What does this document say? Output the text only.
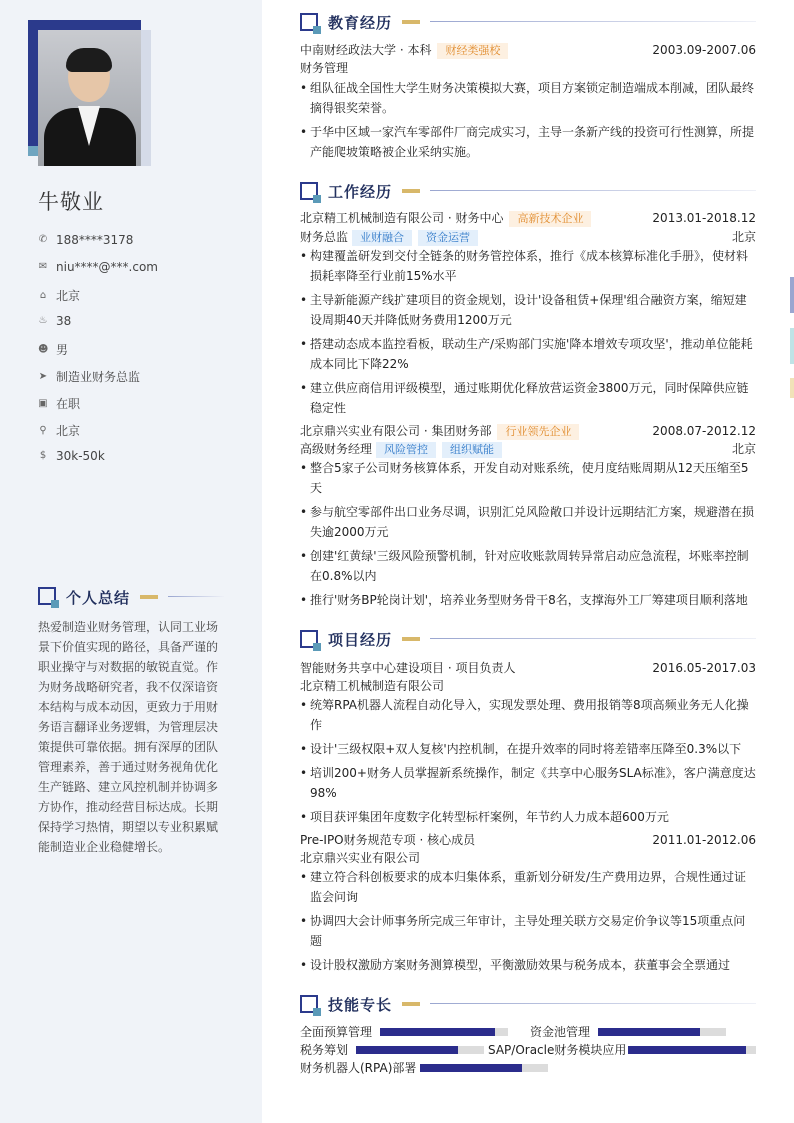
牛敬业
✆ 188****3178
✉ niu****@***.com
⌂ 北京
♨ 38
☻ 男
➤ 制造业财务总监
▣ 在职
⚲ 北京
$ 30k-50k
个人总结
热爱制造业财务管理，认同工业场景下价值实现的路径，具备严谨的职业操守与对数据的敏锐直觉。作为财务战略研究者，我不仅深谙资本结构与成本动因，更致力于用财务语言翻译业务逻辑，为管理层决策提供可靠依据。拥有深厚的团队管理素养，善于通过财务视角优化生产链路、建立风控机制并协调多方协作，推动经营目标达成。长期保持学习热情，期望以专业积累赋能制造业企业稳健增长。
教育经历
中南财经政法大学 · 本科 财经类强校	2003.09-2007.06
财务管理
• 组队征战全国性大学生财务决策模拟大赛，项目方案锁定制造端成本削减，团队最终摘得银奖荣誉。
• 于华中区域一家汽车零部件厂商完成实习，主导一条新产线的投资可行性测算，所提产能爬坡策略被企业采纳实施。
工作经历
北京精工机械制造有限公司 · 财务中心 高新技术企业	2013.01-2018.12
财务总监 业财融合 资金运营	北京
• 构建覆盖研发到交付全链条的财务管控体系，推行《成本核算标准化手册》，使材料损耗率降至行业前15%水平
• 主导新能源产线扩建项目的资金规划，设计'设备租赁+保理'组合融资方案，缩短建设周期40天并降低财务费用1200万元
• 搭建动态成本监控看板，联动生产/采购部门实施'降本增效专项攻坚'，推动单位能耗成本同比下降22%
• 建立供应商信用评级模型，通过账期优化释放营运资金3800万元，同时保障供应链稳定性
北京鼎兴实业有限公司 · 集团财务部 行业领先企业	2008.07-2012.12
高级财务经理 风险管控 组织赋能	北京
• 整合5家子公司财务核算体系，开发自动对账系统，使月度结账周期从12天压缩至5天
• 参与航空零部件出口业务尽调，识别汇兑风险敞口并设计远期结汇方案，规避潜在损失逾2000万元
• 创建'红黄绿'三级风险预警机制，针对应收账款周转异常启动应急流程，坏账率控制在0.8%以内
• 推行'财务BP轮岗计划'，培养业务型财务骨干8名，支撑海外工厂筹建项目顺利落地
项目经历
智能财务共享中心建设项目 · 项目负责人	2016.05-2017.03
北京精工机械制造有限公司
• 统筹RPA机器人流程自动化导入，实现发票处理、费用报销等8项高频业务无人化操作
• 设计'三级权限+双人复核'内控机制，在提升效率的同时将差错率压降至0.3%以下
• 培训200+财务人员掌握新系统操作，制定《共享中心服务SLA标准》，客户满意度达98%
• 项目获评集团年度数字化转型标杆案例，年节约人力成本超600万元
Pre-IPO财务规范专项 · 核心成员	2011.01-2012.06
北京鼎兴实业有限公司
• 建立符合科创板要求的成本归集体系，重新划分研发/生产费用边界，合规性通过证监会问询
• 协调四大会计师事务所完成三年审计，主导处理关联方交易定价争议等15项重点问题
• 设计股权激励方案财务测算模型，平衡激励效果与税务成本，获董事会全票通过
技能专长
全面预算管理	资金池管理
税务筹划	SAP/Oracle财务模块应用
财务机器人(RPA)部署
